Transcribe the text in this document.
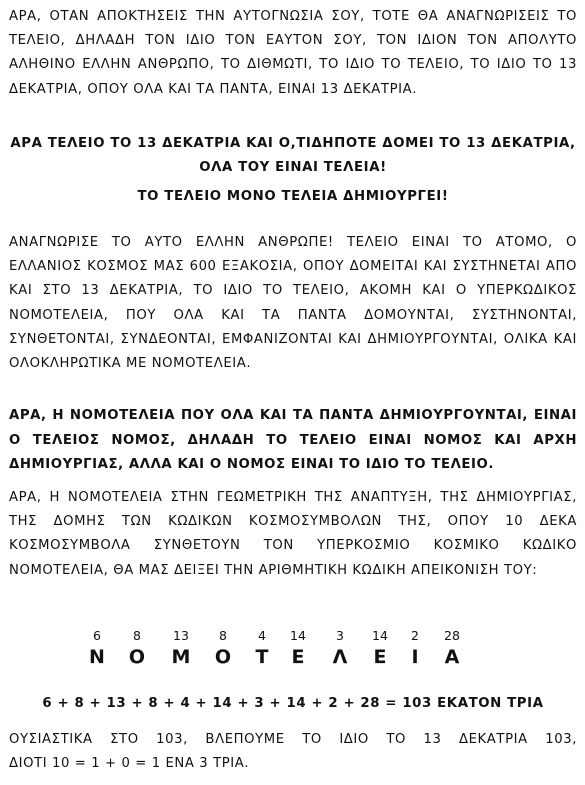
ΑΡΑ, ΟΤΑΝ ΑΠΟΚΤΗΣΕΙΣ ΤΗΝ ΑΥΤΟΓΝΩΣΙΑ ΣΟΥ, ΤΟΤΕ ΘΑ ΑΝΑΓΝΩΡΙΣΕΙΣ ΤΟ ΤΕΛΕΙΟ, ΔΗΛΑΔΗ ΤΟΝ ΙΔΙΟ ΤΟΝ ΕΑΥΤΟΝ ΣΟΥ, ΤΟΝ ΙΔΙΟΝ ΤΟΝ ΑΠΟΛΥΤΟ ΑΛΗΘΙΝΟ ΕΛΛΗΝ ΑΝΘΡΩΠΟ, ΤΟ ΔΙΘΜΩΤΙ, ΤΟ ΙΔΙΟ ΤΟ ΤΕΛΕΙΟ, ΤΟ ΙΔΙΟ ΤΟ 13 ΔΕΚΑΤΡΙΑ, ΟΠΟΥ ΟΛΑ ΚΑΙ ΤΑ ΠΑΝΤΑ, ΕΙΝΑΙ 13 ΔΕΚΑΤΡΙΑ.

ΑΡΑ ΤΕΛΕΙΟ ΤΟ 13 ΔΕΚΑΤΡΙΑ ΚΑΙ Ο,ΤΙΔΗΠΟΤΕ ΔΟΜΕΙ ΤΟ 13 ΔΕΚΑΤΡΙΑ, ΟΛΑ ΤΟΥ ΕΙΝΑΙ ΤΕΛΕΙΑ!

ΤΟ ΤΕΛΕΙΟ ΜΟΝΟ ΤΕΛΕΙΑ ΔΗΜΙΟΥΡΓΕΙ!

ΑΝΑΓΝΩΡΙΣΕ ΤΟ ΑΥΤΟ ΕΛΛΗΝ ΑΝΘΡΩΠΕ! ΤΕΛΕΙΟ ΕΙΝΑΙ ΤΟ ΑΤΟΜΟ, Ο ΕΛΛΑΝΙΟΣ ΚΟΣΜΟΣ ΜΑΣ 600 ΕΞΑΚΟΣΙΑ, ΟΠΟΥ ΔΟΜΕΙΤΑΙ ΚΑΙ ΣΥΣΤΗΝΕΤΑΙ ΑΠΟ ΚΑΙ ΣΤΟ 13 ΔΕΚΑΤΡΙΑ, ΤΟ ΙΔΙΟ ΤΟ ΤΕΛΕΙΟ, ΑΚΟΜΗ ΚΑΙ Ο ΥΠΕΡΚΩΔΙΚΟΣ ΝΟΜΟΤΕΛΕΙΑ, ΠΟΥ ΟΛΑ ΚΑΙ ΤΑ ΠΑΝΤΑ ΔΟΜΟΥΝΤΑΙ, ΣΥΣΤΗΝΟΝΤΑΙ, ΣΥΝΘΕΤΟΝΤΑΙ, ΣΥΝΔΕΟΝΤΑΙ, ΕΜΦΑΝΙΖΟΝΤΑΙ ΚΑΙ ΔΗΜΙΟΥΡΓΟΥΝΤΑΙ, ΟΛΙΚΑ ΚΑΙ ΟΛΟΚΛΗΡΩΤΙΚΑ ΜΕ ΝΟΜΟΤΕΛΕΙΑ.

ΑΡΑ, Η ΝΟΜΟΤΕΛΕΙΑ ΠΟΥ ΟΛΑ ΚΑΙ ΤΑ ΠΑΝΤΑ ΔΗΜΙΟΥΡΓΟΥΝΤΑΙ, ΕΙΝΑΙ Ο ΤΕΛΕΙΟΣ ΝΟΜΟΣ, ΔΗΛΑΔΗ ΤΟ ΤΕΛΕΙΟ ΕΙΝΑΙ ΝΟΜΟΣ ΚΑΙ ΑΡΧΗ ΔΗΜΙΟΥΡΓΙΑΣ, ΑΛΛΑ ΚΑΙ Ο ΝΟΜΟΣ ΕΙΝΑΙ ΤΟ ΙΔΙΟ ΤΟ ΤΕΛΕΙΟ.

ΑΡΑ, Η ΝΟΜΟΤΕΛΕΙΑ ΣΤΗΝ ΓΕΩΜΕΤΡΙΚΗ ΤΗΣ ΑΝΑΠΤΥΞΗ, ΤΗΣ ΔΗΜΙΟΥΡΓΙΑΣ, ΤΗΣ ΔΟΜΗΣ ΤΩΝ ΚΩΔΙΚΩΝ ΚΟΣΜΟΣΥΜΒΟΛΩΝ ΤΗΣ, ΟΠΟΥ 10 ΔΕΚΑ ΚΟΣΜΟΣΥΜΒΟΛΑ ΣΥΝΘΕΤΟΥΝ ΤΟΝ ΥΠΕΡΚΟΣΜΙΟ ΚΟΣΜΙΚΟ ΚΩΔΙΚΟ ΝΟΜΟΤΕΛΕΙΑ, ΘΑ ΜΑΣ ΔΕΙΞΕΙ ΤΗΝ ΑΡΙΘΜΗΤΙΚΗ ΚΩΔΙΚΗ ΑΠΕΙΚΟΝΙΣΗ ΤΟΥ:

6	8	13 8 4 14 3 14 2 28
Ν Ο Μ Ο Τ Ε Λ Ε Ι Α

6 + 8 + 13 + 8 + 4 + 14 + 3 + 14 + 2 + 28 = 103 ΕΚΑΤΟΝ ΤΡΙΑ

ΟΥΣΙΑΣΤΙΚΑ ΣΤΟ 103, ΒΛΕΠΟΥΜΕ ΤΟ ΙΔΙΟ ΤΟ 13 ΔΕΚΑΤΡΙΑ 103,

ΔΙΟΤΙ 10 = 1 + 0 = 1 ΕΝΑ 3 ΤΡΙΑ.
